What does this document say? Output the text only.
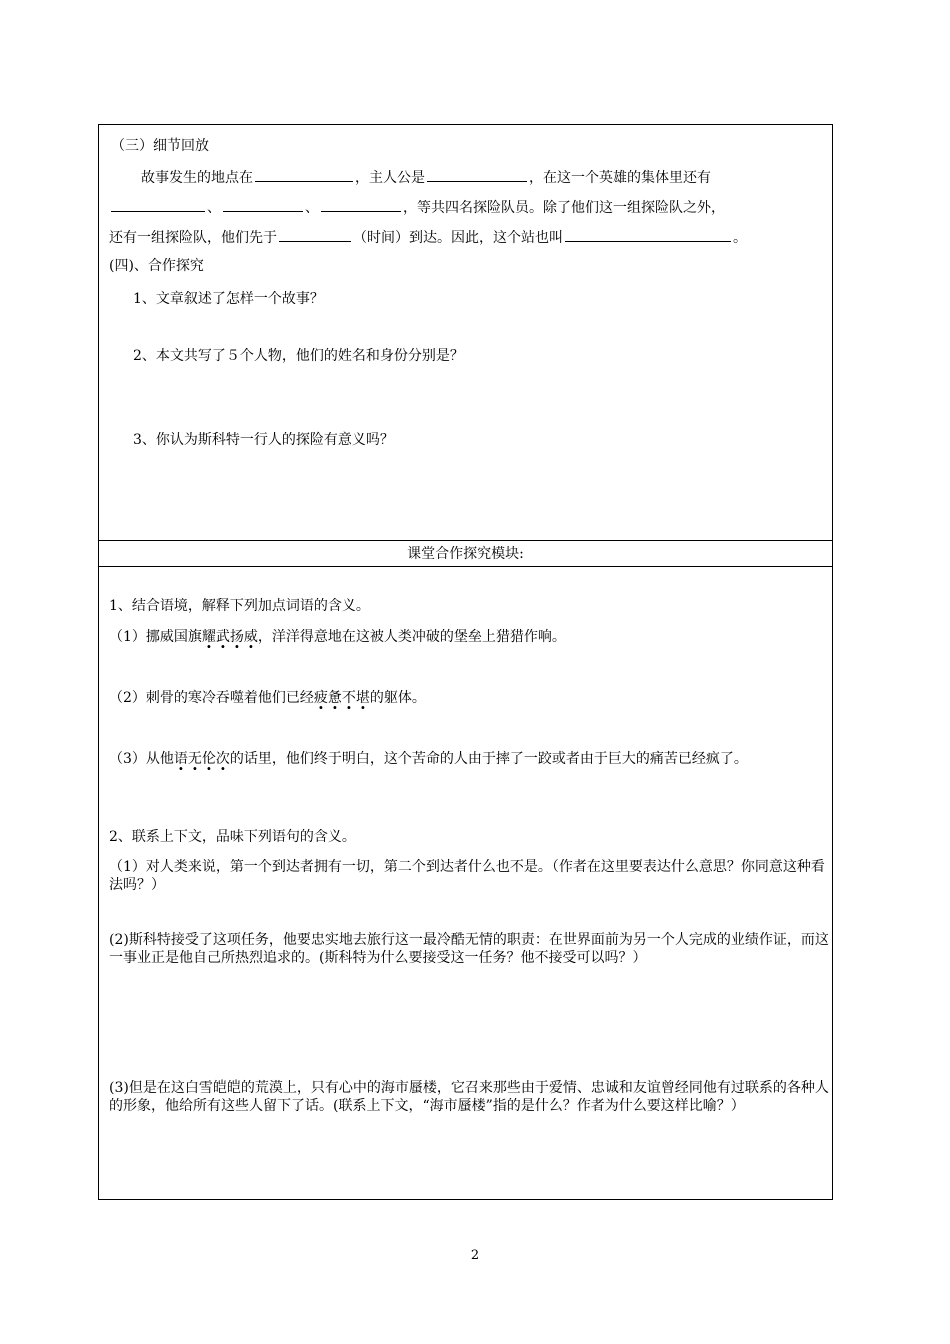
（三）细节回放
故事发生的地点在	，主人公是	，在这一个英雄的集体里还有
、	、	，等共四名探险队员。除了他们这一组探险队之外，
还有一组探险队，他们先于	（时间）到达。因此，这个站也叫	。
(四)、合作探究
1、文章叙述了怎样一个故事？
2、本文共写了５个人物，他们的姓名和身份分别是？
3、你认为斯科特一行人的探险有意义吗？
课堂合作探究模块:
1、结合语境，解释下列加点词语的含义。
（1）挪威国旗耀武扬威，洋洋得意地在这被人类冲破的堡垒上猎猎作响。
（2）刺骨的寒冷吞噬着他们已经疲惫不堪的躯体。
（3）从他语无伦次的话里，他们终于明白，这个苦命的人由于摔了一跤或者由于巨大的痛苦已经疯了。
2、联系上下文，品味下列语句的含义。
（1）对人类来说，第一个到达者拥有一切，第二个到达者什么也不是。（作者在这里要表达什么意思？你同意这种看法吗？）
(2)斯科特接受了这项任务，他要忠实地去旅行这一最冷酷无情的职责：在世界面前为另一个人完成的业绩作证，而这一事业正是他自己所热烈追求的。(斯科特为什么要接受这一任务？他不接受可以吗？）
(3)但是在这白雪皑皑的荒漠上，只有心中的海市蜃楼，它召来那些由于爱情、忠诚和友谊曾经同他有过联系的各种人的形象，他给所有这些人留下了话。(联系上下文，“海市蜃楼”指的是什么？作者为什么要这样比喻？）
2
